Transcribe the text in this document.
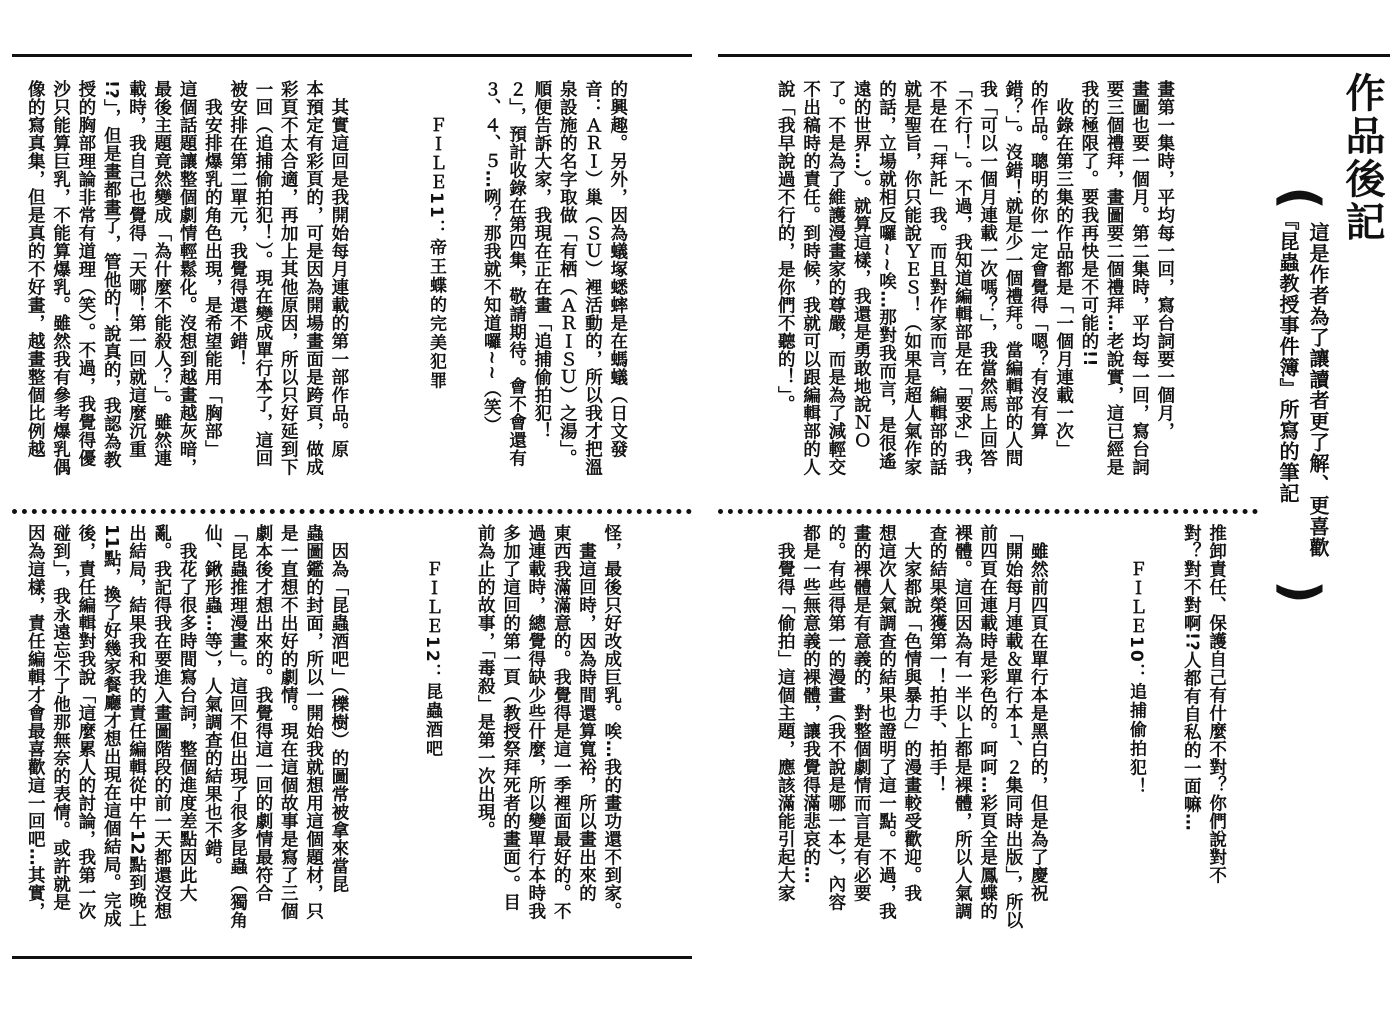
的興趣。另外，因為蟻塚蟋蟀是在螞蟻（日文發
音：ＡＲＩ）巢（ＳＵ）裡活動的，所以我才把溫
泉設施的名字取做「有栖（ＡＲＩＳＵ）之湯」。
順便告訴大家，我現在正在畫「追捕偷拍犯！
２」，預計收錄在第四集，敬請期待。會不會還有
３、４、５…咧？那我就不知道囉∼∼（笑）
ＦＩＬＥ11：帝王蝶的完美犯罪
　其實這回是我開始每月連載的第一部作品。原
本預定有彩頁的，可是因為開場畫面是跨頁，做成
彩頁不太合適，再加上其他原因，所以只好延到下
一回（追捕偷拍犯！）。現在變成單行本了，這回
被安排在第二單元，我覺得還不錯！
　我安排爆乳的角色出現，是希望能用「胸部」
這個話題讓整個劇情輕鬆化。沒想到越畫越灰暗，
最後主題竟然變成「為什麼不能殺人？」。雖然連
載時，我自己也覺得「天哪！第一回就這麼沉重
!?」，但是畫都畫了，管他的！說真的，我認為教
授的胸部理論非常有道理（笑）。不過，我覺得優
沙只能算巨乳，不能算爆乳。雖然我有參考爆乳偶
像的寫真集，但是真的不好畫，越畫整個比例越
怪，最後只好改成巨乳。唉…我的畫功還不到家。
　畫這回時，因為時間還算寬裕，所以畫出來的
東西我滿滿意的。我覺得是這一季裡面最好的。不
過連載時，總覺得缺少些什麼，所以變單行本時我
多加了這回的第一頁（教授祭拜死者的畫面）。目
前為止的故事，「毒殺」是第一次出現。
ＦＩＬＥ12：昆蟲酒吧
　因為「昆蟲酒吧」（櫟樹）的圖常被拿來當昆
蟲圖鑑的封面，所以一開始我就想用這個題材，只
是一直想不出好的劇情。現在這個故事是寫了三個
劇本後才想出來的。我覺得這一回的劇情最符合
「昆蟲推理漫畫」。這回不但出現了很多昆蟲（獨角
仙、鍬形蟲…等），人氣調查的結果也不錯。
　我花了很多時間寫台詞，整個進度差點因此大
亂。我記得我在要進入畫圖階段的前一天都還沒想
出結局，結果我和我的責任編輯從中午12點到晚上
11點，換了好幾家餐廳才想出現在這個結局。完成
後，責任編輯對我說「這麼累人的討論，我第一次
碰到」，我永遠忘不了他那無奈的表情。或許就是
因為這樣，責任編輯才會最喜歡這一回吧…其實，
作品後記
(
這是作者為了讓讀者更了解、更喜歡
『昆蟲教授事件簿』所寫的筆記
)
畫第一集時，平均每一回，寫台詞要一個月，
畫圖也要一個月。第二集時，平均每一回，寫台詞
要三個禮拜，畫圖要二個禮拜…老說實，這已經是
我的極限了。要我再快是不可能的!!
　收錄在第三集的作品都是「一個月連載一次」
的作品。聰明的你一定會覺得「嗯？有沒有算
錯？」。沒錯！就是少一個禮拜。當編輯部的人問
我「可以一個月連載一次嗎？」，我當然馬上回答
「不行！」。不過，我知道編輯部是在「要求」我，
不是在「拜託」我。而且對作家而言，編輯部的話
就是聖旨，你只能說ＹＥＳ！（如果是超人氣作家
的話，立場就相反囉∼∼唉…那對我而言，是很遙
遠的世界…）。就算這樣，我還是勇敢地說ＮＯ
了。不是為了維護漫畫家的尊嚴，而是為了減輕交
不出稿時的責任。到時候，我就可以跟編輯部的人
說「我早說過不行的，是你們不聽的！」。
推卸責任、保護自己有什麼不對？你們說對不
對？對不對啊!?人都有自私的一面嘛…
ＦＩＬＥ10：追捕偷拍犯！
　雖然前四頁在單行本是黑白的，但是為了慶祝
「開始每月連載＆單行本１、２集同時出版」，所以
前四頁在連載時是彩色的。呵呵…彩頁全是鳳蝶的
裸體。這回因為有一半以上都是裸體，所以人氣調
查的結果榮獲第一！拍手、拍手！
　大家都說「色情與暴力」的漫畫較受歡迎。我
想這次人氣調查的結果也證明了這一點。不過，我
畫的裸體是有意義的，對整個劇情而言是有必要
的。有些得第一的漫畫（我不說是哪一本），內容
都是一些無意義的裸體，讓我覺得滿悲哀的…
　我覺得「偷拍」這個主題，應該滿能引起大家
